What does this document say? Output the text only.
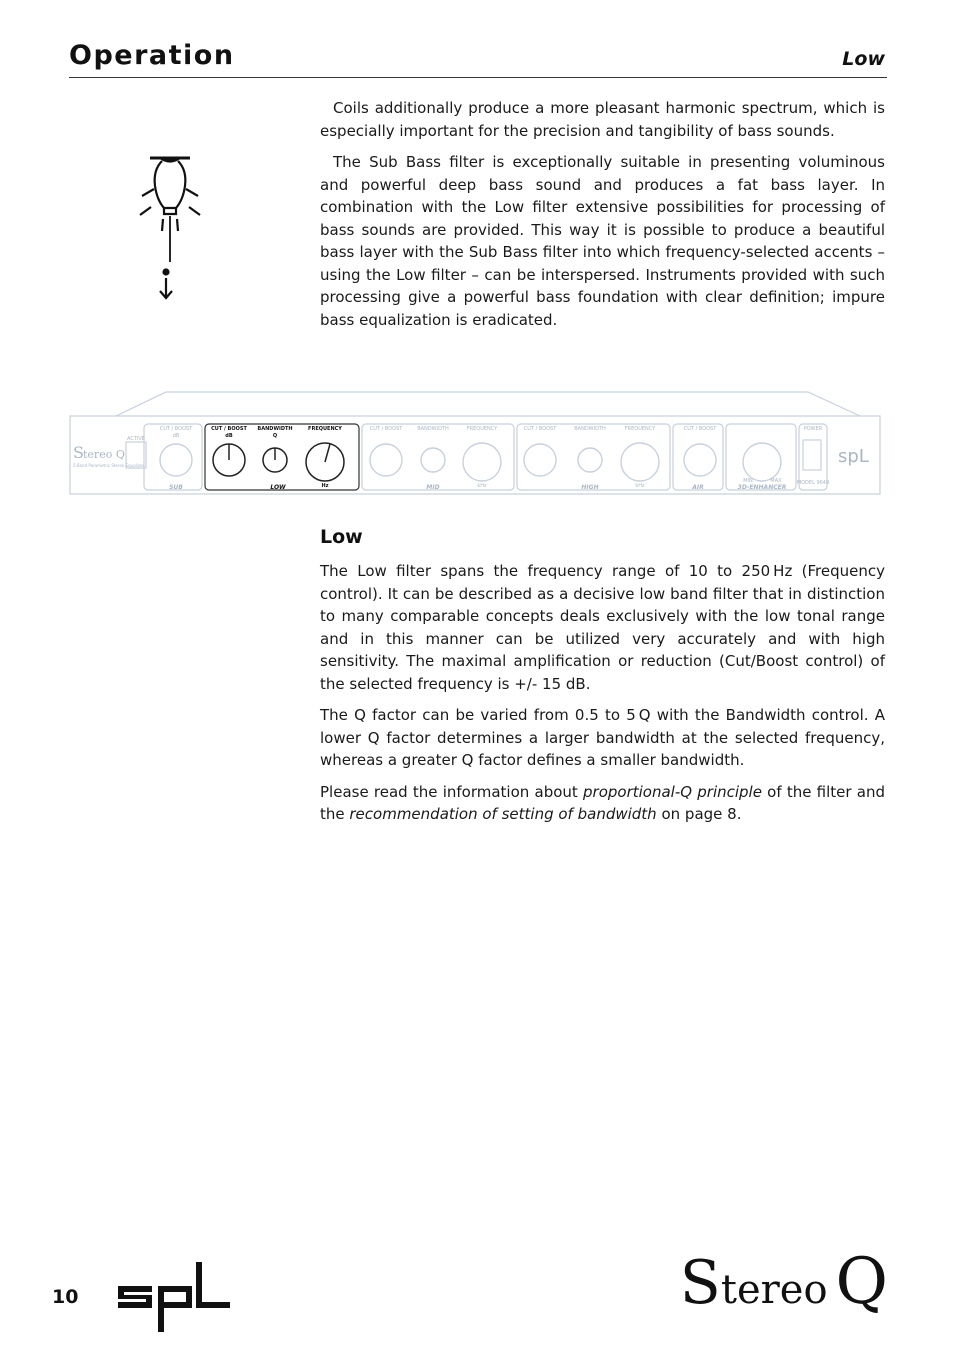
Operation	Low

Coils additionally produce a more pleasant harmonic spectrum, which is especially important for the precision and tangibility of bass sounds.

The Sub Bass filter is exceptionally suitable in presenting voluminous and powerful deep bass sound and produces a fat bass layer. In combination with the Low filter extensive possibilities for processing of bass sounds are provided. This way it is possible to produce a beautiful bass layer with the Sub Bass filter into which frequency-selected accents – using the Low filter – can be interspersed. Instruments provided with such processing give a powerful bass foundation with clear definition; impure bass equalization is eradicated.

CUT / BOOST	CUT / BOOST	BANDWIDTH	FREQUENCY	CUT / BOOST	BANDWIDTH	FREQUENCY	CUT / BOOST
ACTIVE
POWER
MODEL 9649
dB
kHz	kHz
MIN	MAX
CUT / BOOST BANDWIDTH	FREQUENCY
dB	Q
Hz
SUB	MID	HIGH	AIR	3D-ENHANCER
LOW
S tereo Q
5-Band Parametric Stereo Equalizer	spL
Low

The Low filter spans the frequency range of 10 to 250 Hz (Frequency control). It can be described as a decisive low band filter that in distinction to many comparable concepts deals exclusively with the low tonal range and in this manner can be utilized very accurately and with high sensitivity. The maximal amplification or reduction (Cut/Boost control) of the selected frequency is +/- 15 dB.

The Q factor can be varied from 0.5 to 5 Q with the Bandwidth control. A lower Q factor determines a larger bandwidth at the selected frequency, whereas a greater Q factor defines a smaller bandwidth.

Please read the information about proportional-Q principle of the filter and the recommendation of setting of bandwidth on page 8.

10	Stereo Q
